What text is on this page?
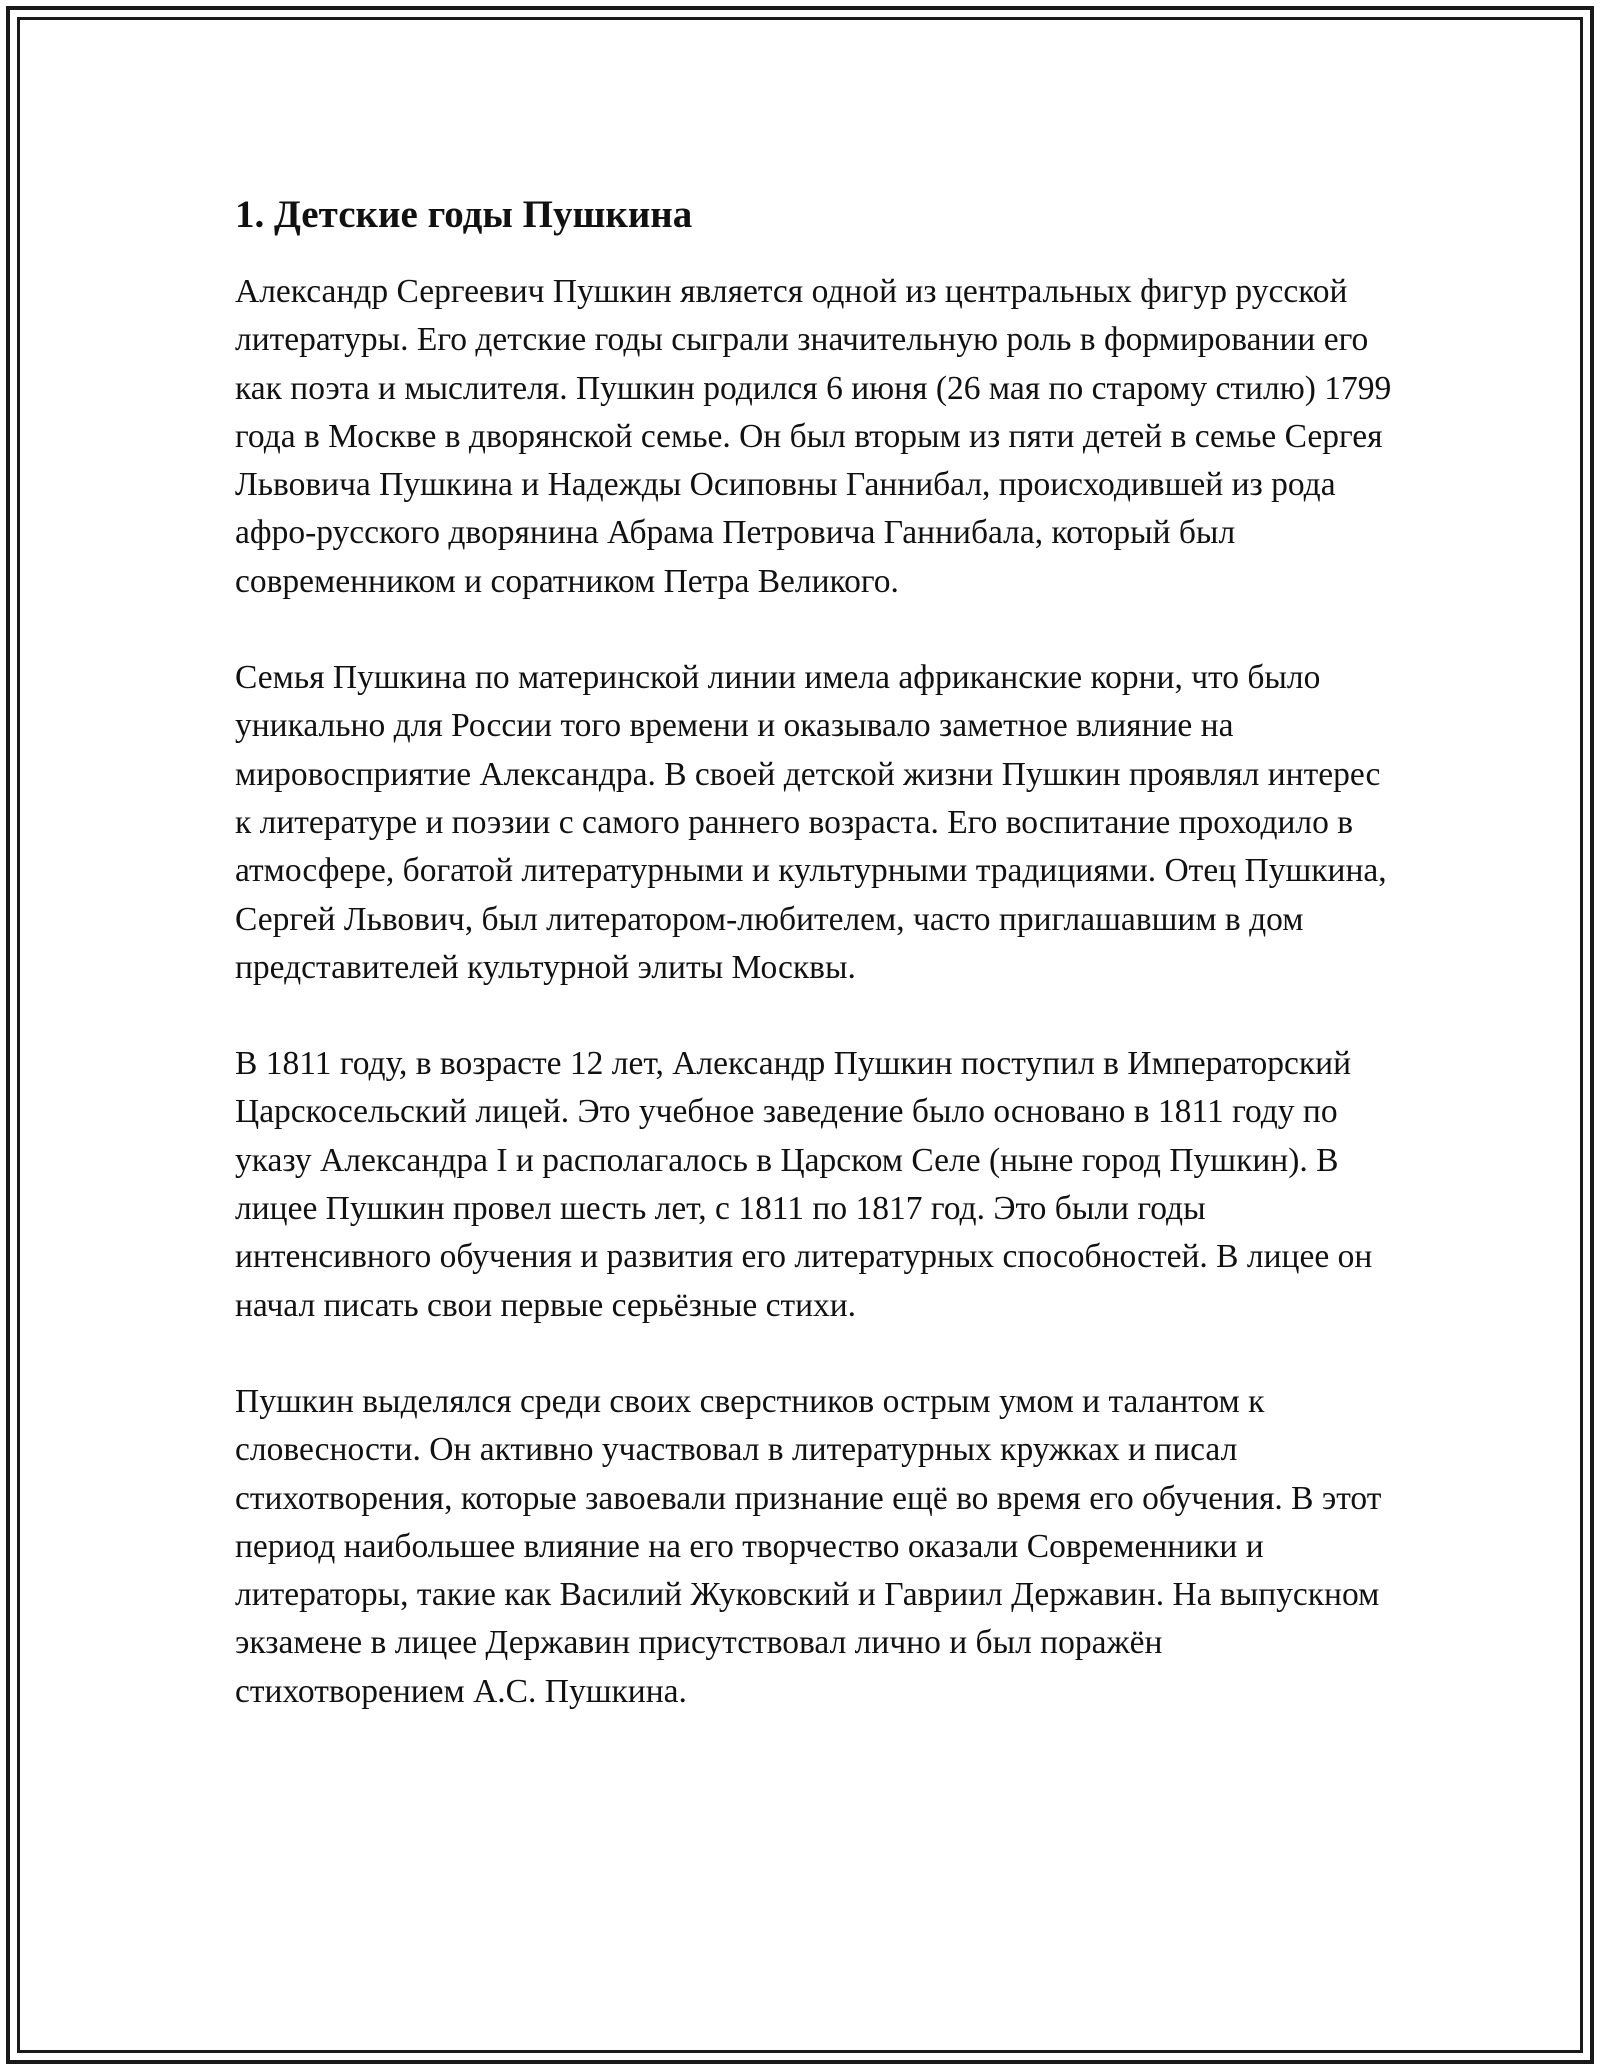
1. Детские годы Пушкина

Александр Сергеевич Пушкин является одной из центральных фигур русской литературы. Его детские годы сыграли значительную роль в формировании его как поэта и мыслителя. Пушкин родился 6 июня (26 мая по старому стилю) 1799 года в Москве в дворянской семье. Он был вторым из пяти детей в семье Сергея Львовича Пушкина и Надежды Осиповны Ганнибал, происходившей из рода афро-русского дворянина Абрама Петровича Ганнибала, который был современником и соратником Петра Великого.

Семья Пушкина по материнской линии имела африканские корни, что было уникально для России того времени и оказывало заметное влияние на мировосприятие Александра. В своей детской жизни Пушкин проявлял интерес к литературе и поэзии с самого раннего возраста. Его воспитание проходило в атмосфере, богатой литературными и культурными традициями. Отец Пушкина, Сергей Львович, был литератором-любителем, часто приглашавшим в дом представителей культурной элиты Москвы.

В 1811 году, в возрасте 12 лет, Александр Пушкин поступил в Императорский Царскосельский лицей. Это учебное заведение было основано в 1811 году по указу Александра I и располагалось в Царском Селе (ныне город Пушкин). В лицее Пушкин провел шесть лет, с 1811 по 1817 год. Это были годы интенсивного обучения и развития его литературных способностей. В лицее он начал писать свои первые серьёзные стихи.

Пушкин выделялся среди своих сверстников острым умом и талантом к словесности. Он активно участвовал в литературных кружках и писал стихотворения, которые завоевали признание ещё во время его обучения. В этот период наибольшее влияние на его творчество оказали Современники и литераторы, такие как Василий Жуковский и Гавриил Державин. На выпускном экзамене в лицее Державин присутствовал лично и был поражён стихотворением А.С. Пушкина.
